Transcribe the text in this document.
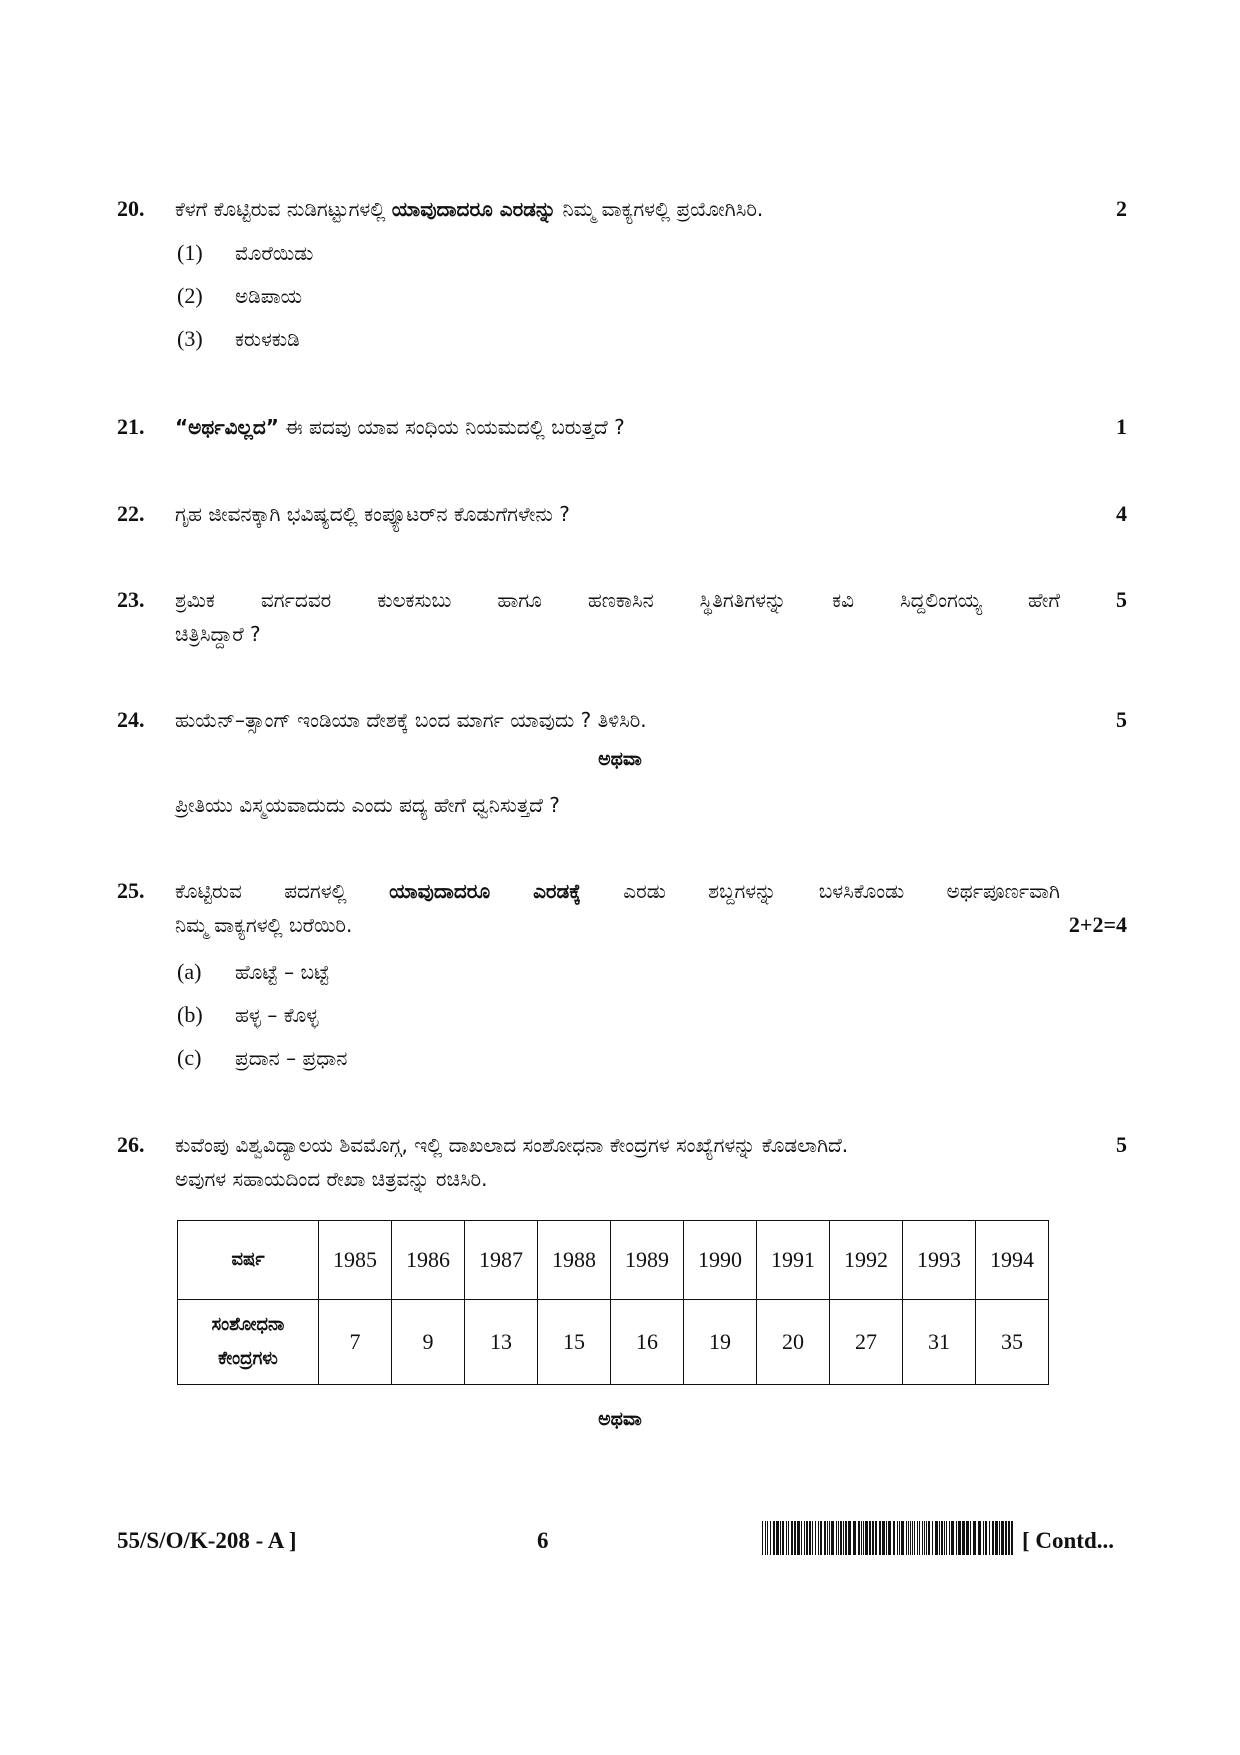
20. ಕೆಳಗೆ ಕೊಟ್ಟಿರುವ ನುಡಿಗಟ್ಟುಗಳಲ್ಲಿ ಯಾವುದಾದರೂ ಎರಡನ್ನು ನಿಮ್ಮ ವಾಕ್ಯಗಳಲ್ಲಿ ಪ್ರಯೋಗಿಸಿರಿ.	2
(1) ಮೊರೆಯಿಡು
(2) ಅಡಿಪಾಯ
(3) ಕರುಳಕುಡಿ
21. “ಅರ್ಥವಿಲ್ಲದ” ಈ ಪದವು ಯಾವ ಸಂಧಿಯ ನಿಯಮದಲ್ಲಿ ಬರುತ್ತದೆ ?	1
22. ಗೃಹ ಜೀವನಕ್ಕಾಗಿ ಭವಿಷ್ಯದಲ್ಲಿ ಕಂಪ್ಯೂಟರ್‌ನ ಕೊಡುಗೆಗಳೇನು ?	4
23. ಶ್ರಮಿಕ ವರ್ಗದವರ ಕುಲಕಸುಬು ಹಾಗೂ ಹಣಕಾಸಿನ ಸ್ಥಿತಿಗತಿಗಳನ್ನು ಕವಿ ಸಿದ್ದಲಿಂಗಯ್ಯ ಹೇಗೆ
ಚಿತ್ರಿಸಿದ್ದಾರೆ ?
5
24. ಹುಯೆನ್–ತ್ಸಾಂಗ್ ಇಂಡಿಯಾ ದೇಶಕ್ಕೆ ಬಂದ ಮಾರ್ಗ ಯಾವುದು ? ತಿಳಿಸಿರಿ.	5
ಅಥವಾ
ಪ್ರೀತಿಯು ವಿಸ್ಮಯವಾದುದು ಎಂದು ಪದ್ಯ ಹೇಗೆ ಧ್ವನಿಸುತ್ತದೆ ?
25. ಕೊಟ್ಟಿರುವ ಪದಗಳಲ್ಲಿ ಯಾವುದಾದರೂ ಎರಡಕ್ಕೆ ಎರಡು ಶಬ್ದಗಳನ್ನು ಬಳಸಿಕೊಂಡು ಅರ್ಥಪೂರ್ಣವಾಗಿ
ನಿಮ್ಮ ವಾಕ್ಯಗಳಲ್ಲಿ ಬರೆಯಿರಿ.	2+2=4
(a) ಹೊಟ್ಟೆ – ಬಟ್ಟೆ
(b) ಹಳ್ಳ – ಕೊಳ್ಳ
(c) ಪ್ರದಾನ – ಪ್ರಧಾನ
26. ಕುವೆಂಪು ವಿಶ್ವವಿದ್ಯಾಲಯ ಶಿವಮೊಗ್ಗ, ಇಲ್ಲಿ ದಾಖಲಾದ ಸಂಶೋಧನಾ ಕೇಂದ್ರಗಳ ಸಂಖ್ಯೆಗಳನ್ನು ಕೊಡಲಾಗಿದೆ.
ಅವುಗಳ ಸಹಾಯದಿಂದ ರೇಖಾ ಚಿತ್ರವನ್ನು ರಚಿಸಿರಿ.
5
ವರ್ಷ	1985	1986	1987	1988	1989	1990	1991	1992	1993	1994

ಸಂಶೋಧನಾ
ಕೇಂದ್ರಗಳು	7	9	13	15	16	19	20	27	31	35
ಅಥವಾ
55/S/O/K-208 - A ]	6	[ Contd...
